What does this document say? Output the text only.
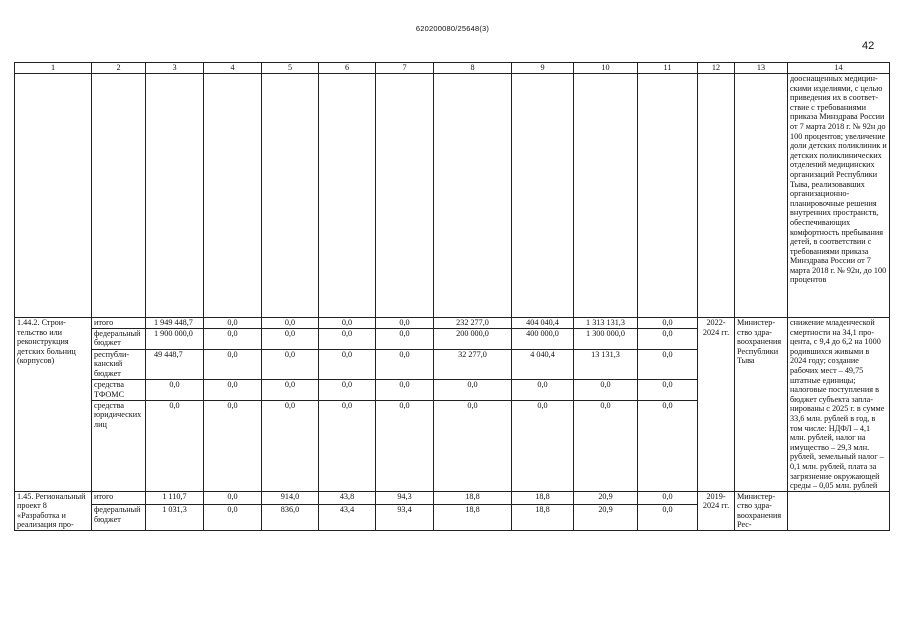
620200080/25648(3)
42
1	2	3	4	5	6	7	8	9	10	11	12	13	14
													дооснащенных медицинскими изделиями, с целью приведения их в соответствие с требованиями приказа Минздрава России от 7 марта 2018 г. № 92н до 100 процентов; увеличение доли детских поликлиник и детских поликлинических отделений медицинских организаций Республики Тыва, реализовавших организационно-планировочные решения внутренних пространств, обеспечивающих комфортность пребывания детей, в соответствии с требованиями приказа Минздрава России от 7 марта 2018 г. № 92н, до 100 процентов
1.44.2. Строительство или реконструкция детских больниц (корпусов)	итого	1 949 448,7	0,0	0,0	0,0	0,0	232 277,0	404 040,4	1 313 131,3	0,0	2022-2024 гг.	Министерство здравоохранения Республики Тыва	снижение младенческой смертности на 34,1 процента, с 9,4 до 6,2 на 1000 родившихся живыми в 2024 году; создание рабочих мест – 49,75 штатные единицы; налоговые поступления в бюджет субъекта запланированы с 2025 г. в сумме 33,6 млн. рублей в год, в том числе: НДФЛ – 4,1 млн. рублей, налог на имущество – 29,3 млн. рублей, земельный налог – 0,1 млн. рублей, плата за загрязнение окружающей среды – 0,05 млн. рублей
	федеральный бюджет	1 900 000,0	0,0	0,0	0,0	0,0	200 000,0	400 000,0	1 300 000,0	0,0			
	республиканский бюджет	49 448,7	0,0	0,0	0,0	0,0	32 277,0	4 040,4	13 131,3	0,0			
	средства ТФОМС	0,0	0,0	0,0	0,0	0,0	0,0	0,0	0,0	0,0			
	средства юридических лиц	0,0	0,0	0,0	0,0	0,0	0,0	0,0	0,0	0,0			
1.45. Региональный проект 8 «Разработка и реализация про-	итого	1 110,7	0,0	914,0	43,8	94,3	18,8	18,8	20,9	0,0	2019-2024 гг.	Министерство здравоохранения Рес-	
	федеральный бюджет	1 031,3	0,0	836,0	43,4	93,4	18,8	18,8	20,9	0,0			
